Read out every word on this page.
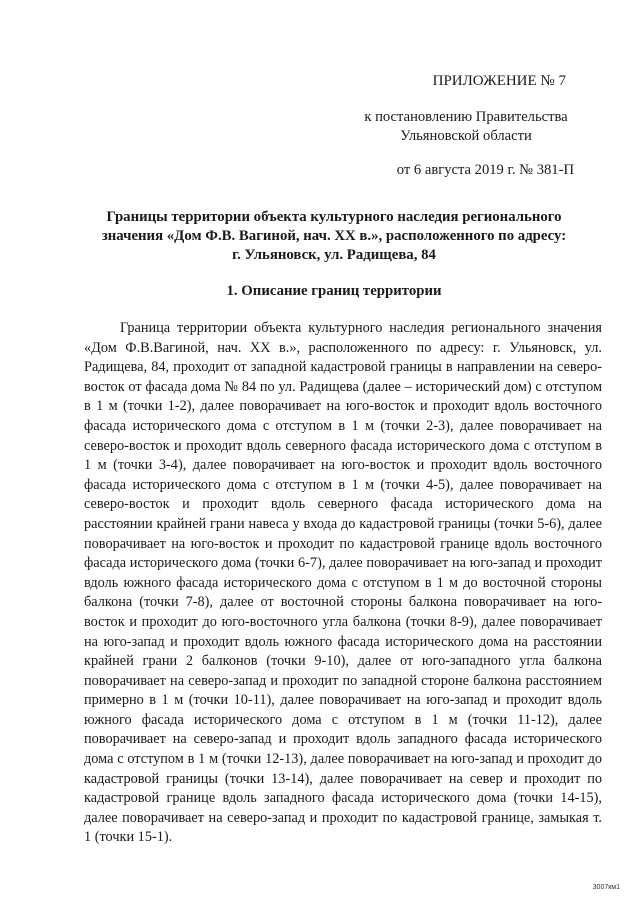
ПРИЛОЖЕНИЕ № 7
к постановлению Правительства
Ульяновской области
от 6 августа 2019 г. № 381-П
Границы территории объекта культурного наследия регионального
значения «Дом Ф.В. Вагиной, нач. XX в.», расположенного по адресу:
г. Ульяновск, ул. Радищева, 84
1. Описание границ территории

Граница территории объекта культурного наследия регионального значения «Дом Ф.В.Вагиной, нач. XX в.», расположенного по адресу: г. Ульяновск, ул. Радищева, 84, проходит от западной кадастровой границы в направлении на северо-восток от фасада дома № 84 по ул. Радищева (далее – исторический дом) с отступом в 1 м (точки 1-2), далее поворачивает на юго-восток и проходит вдоль восточного фасада исторического дома с отступом в 1 м (точки 2-3), далее поворачивает на северо-восток и проходит вдоль северного фасада исторического дома с отступом в 1 м (точки 3-4), далее поворачивает на юго-восток и проходит вдоль восточного фасада исторического дома с отступом в 1 м (точки 4-5), далее поворачивает на северо-восток и проходит вдоль северного фасада исторического дома на расстоянии крайней грани навеса у входа до кадастровой границы (точки 5-6), далее поворачивает на юго-восток и проходит по кадастровой границе вдоль восточного фасада исторического дома (точки 6-7), далее поворачивает на юго-запад и проходит вдоль южного фасада исторического дома с отступом в 1 м до восточной стороны балкона (точки 7-8), далее от восточной стороны балкона поворачивает на юго-восток и проходит до юго-восточного угла балкона (точки 8-9), далее поворачивает на юго-запад и проходит вдоль южного фасада исторического дома на расстоянии крайней грани 2 балконов (точки 9-10), далее от юго-западного угла балкона поворачивает на северо-запад и проходит по западной стороне балкона расстоянием примерно в 1 м (точки 10-11), далее поворачивает на юго-запад и проходит вдоль южного фасада исторического дома с отступом в 1 м (точки 11-12), далее поворачивает на северо-запад и проходит вдоль западного фасада исторического дома с отступом в 1 м (точки 12-13), далее поворачивает на юго-запад и проходит до кадастровой границы (точки 13-14), далее поворачивает на север и проходит по кадастровой границе вдоль западного фасада исторического дома (точки 14-15), далее поворачивает на северо-запад и проходит по кадастровой границе, замыкая т. 1 (точки 15-1).

3007км1
